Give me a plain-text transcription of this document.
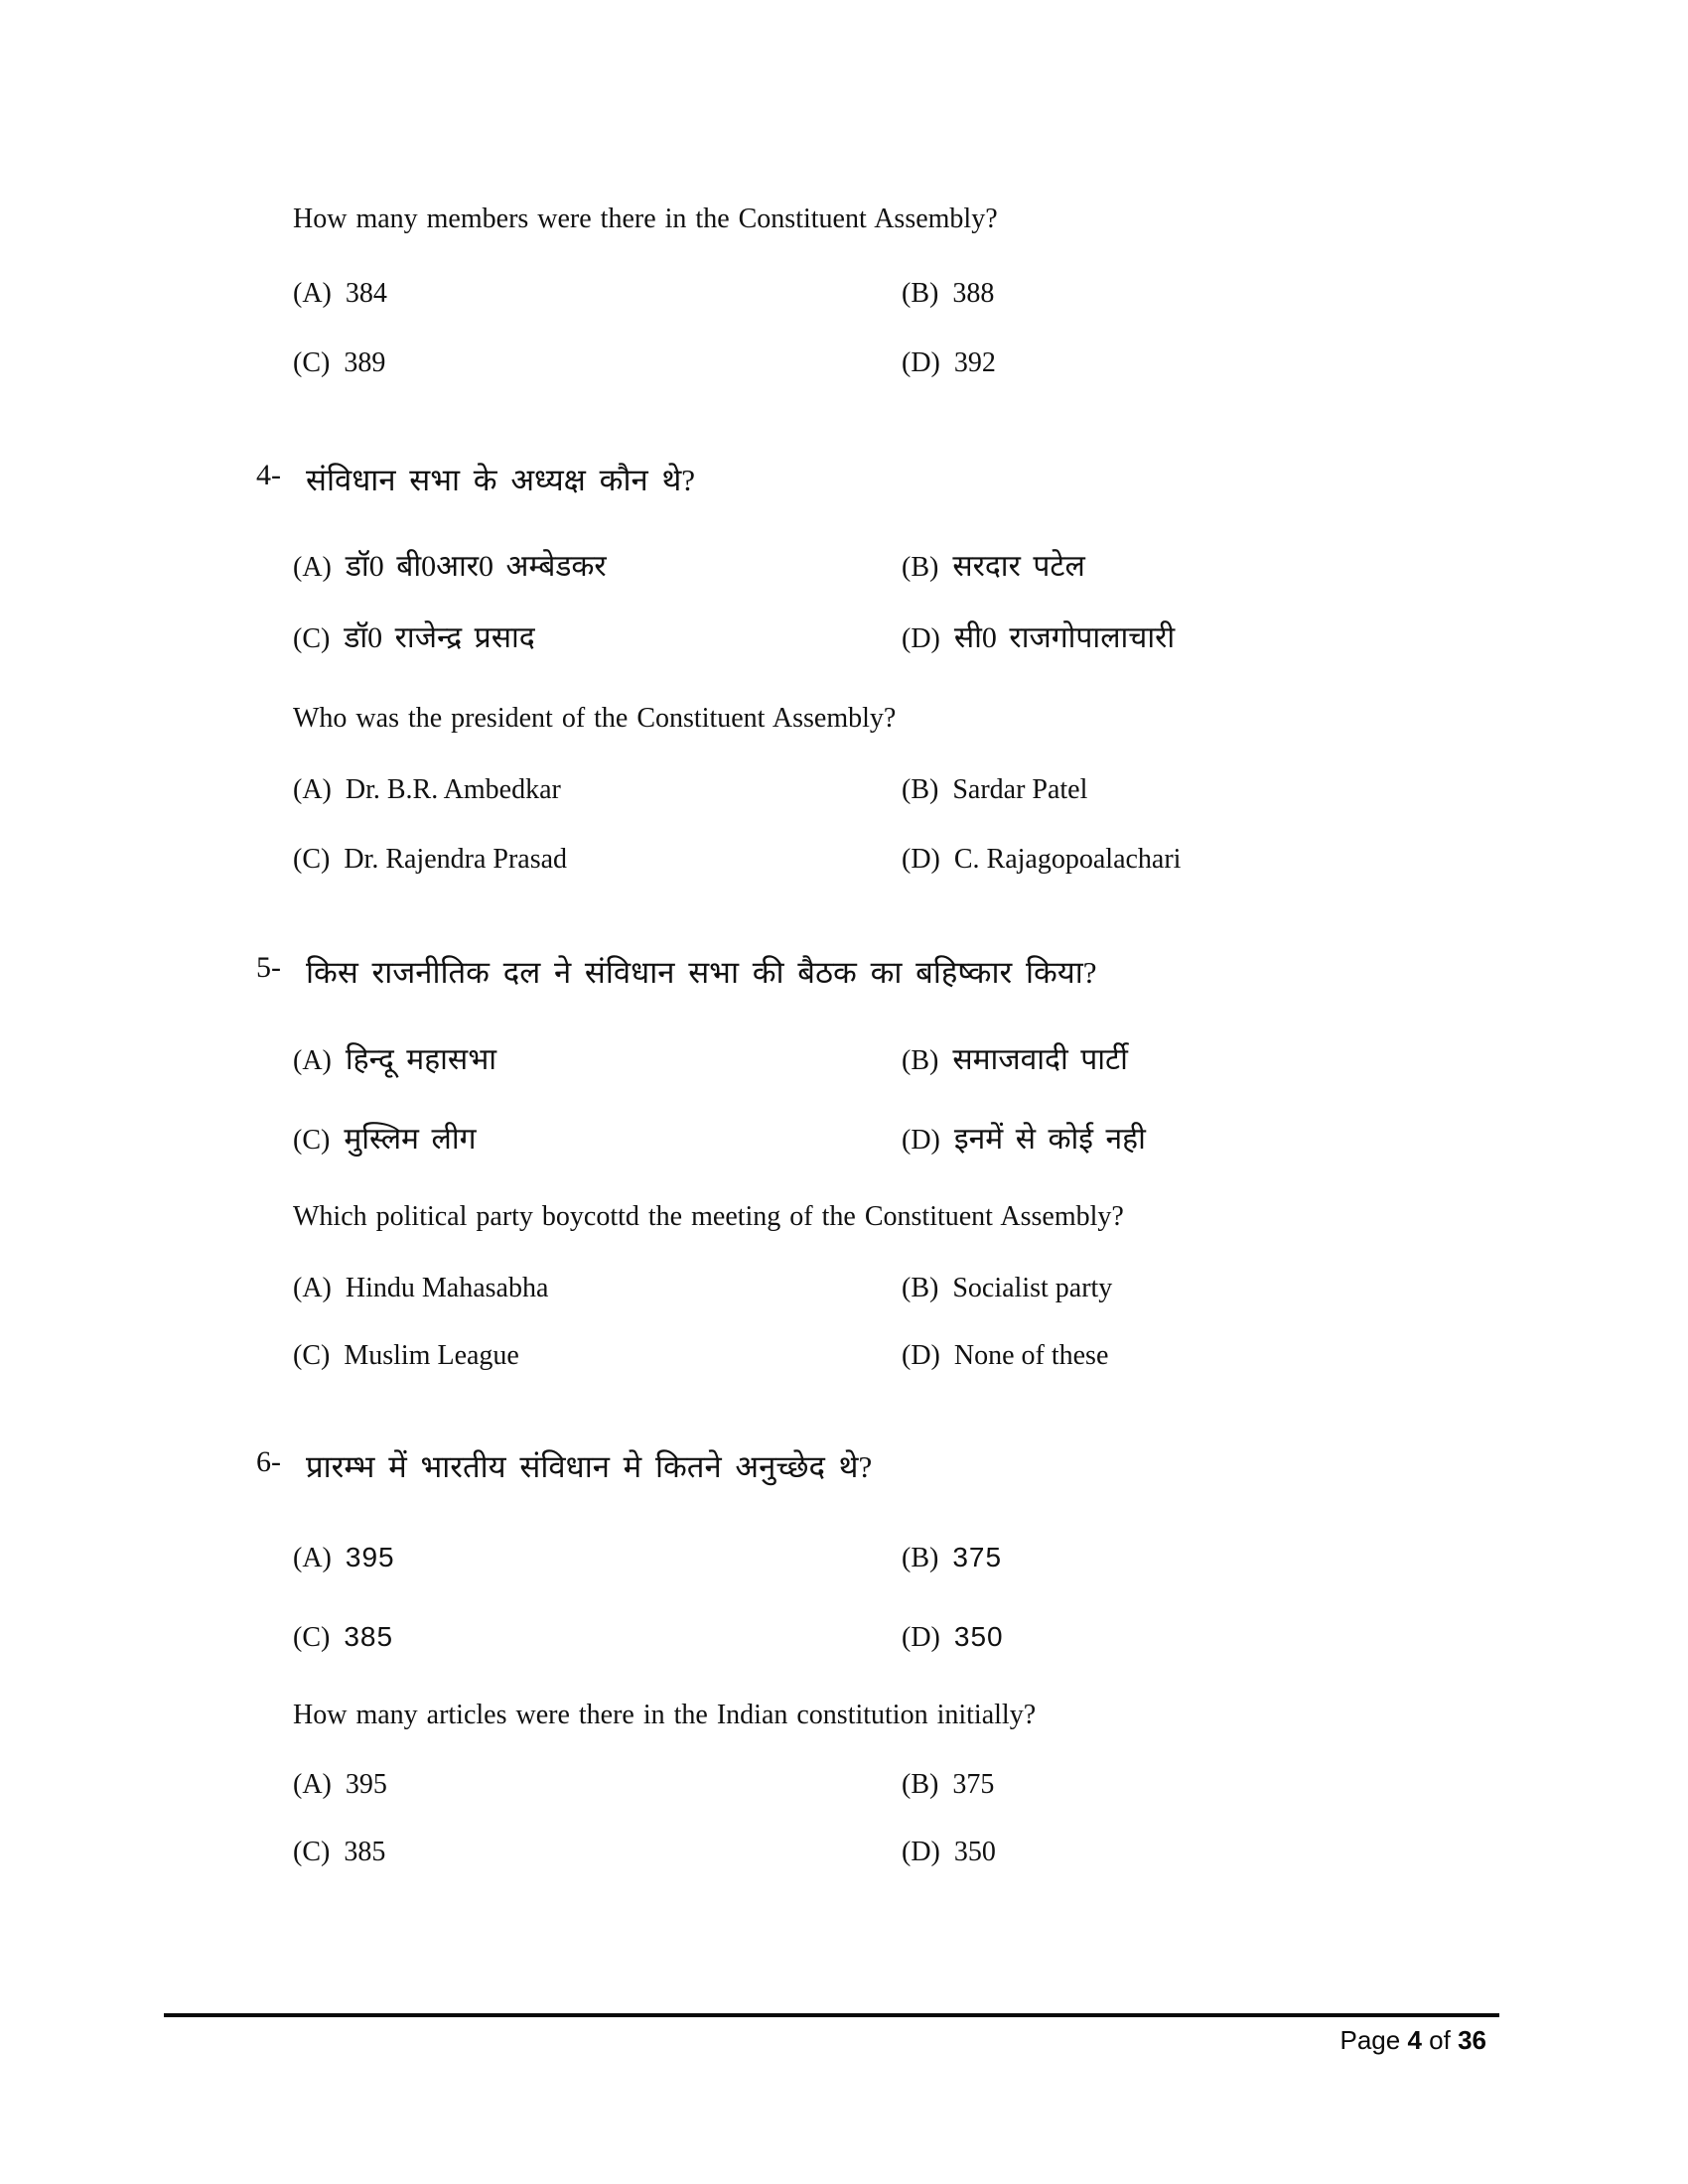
How many members were there in the Constituent Assembly?
(A) 384	(B) 388
(C) 389	(D) 392
4- संविधान सभा के अध्यक्ष कौन थे?
(A) डॉ0 बी0आर0 अम्बेडकर	(B) सरदार पटेल
(C) डॉ0 राजेन्द्र प्रसाद	(D) सी0 राजगोपालाचारी
Who was the president of the Constituent Assembly?
(A) Dr. B.R. Ambedkar	(B) Sardar Patel
(C) Dr. Rajendra Prasad	(D) C. Rajagopoalachari
5- किस राजनीतिक दल ने संविधान सभा की बैठक का बहिष्कार किया?
(A) हिन्दू महासभा	(B) समाजवादी पार्टी
(C) मुस्लिम लीग	(D) इनमें से कोई नही
Which political party boycottd the meeting of the Constituent Assembly?
(A) Hindu Mahasabha	(B) Socialist party
(C) Muslim League	(D) None of these
6- प्रारम्भ में भारतीय संविधान मे कितने अनुच्छेद थे?
(A) 395	(B) 375
(C) 385	(D) 350
How many articles were there in the Indian constitution initially?
(A) 395	(B) 375
(C) 385	(D) 350
Page 4 of 36
